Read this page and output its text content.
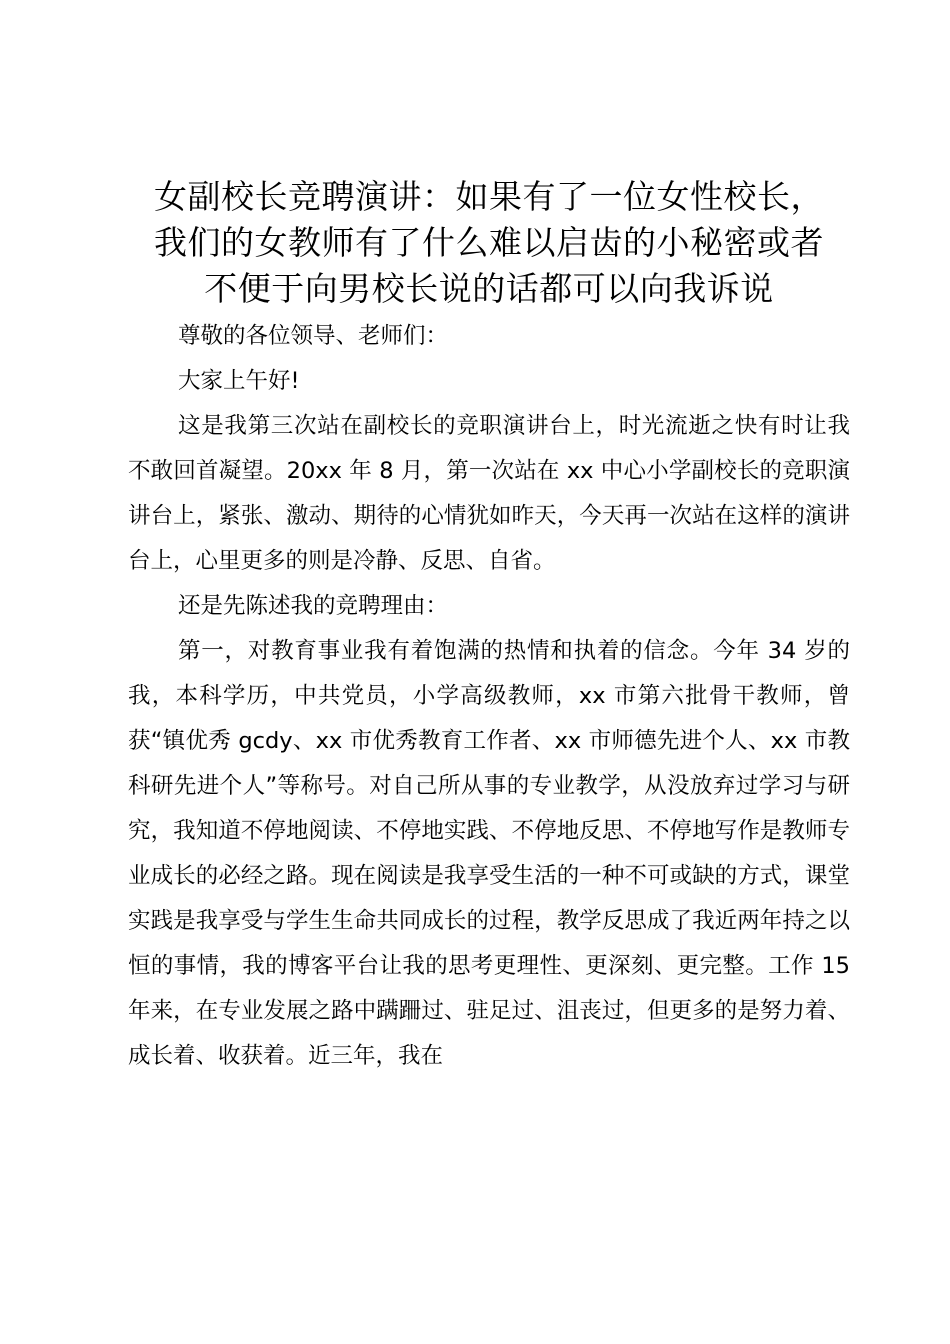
女副校长竞聘演讲：如果有了一位女性校长，
我们的女教师有了什么难以启齿的小秘密或者
不便于向男校长说的话都可以向我诉说

尊敬的各位领导、老师们：

大家上午好!

这是我第三次站在副校长的竞职演讲台上，时光流逝之快有时让我不敢回首凝望。20xx 年 8 月，第一次站在 xx 中心小学副校长的竞职演讲台上，紧张、激动、期待的心情犹如昨天，今天再一次站在这样的演讲台上，心里更多的则是冷静、反思、自省。

还是先陈述我的竞聘理由：

第一，对教育事业我有着饱满的热情和执着的信念。今年 34 岁的我，本科学历，中共党员，小学高级教师，xx 市第六批骨干教师，曾获“镇优秀 gcdy、xx 市优秀教育工作者、xx 市师德先进个人、xx 市教科研先进个人”等称号。对自己所从事的专业教学，从没放弃过学习与研究，我知道不停地阅读、不停地实践、不停地反思、不停地写作是教师专业成长的必经之路。现在阅读是我享受生活的一种不可或缺的方式，课堂实践是我享受与学生生命共同成长的过程，教学反思成了我近两年持之以恒的事情，我的博客平台让我的思考更理性、更深刻、更完整。工作 15 年来，在专业发展之路中蹒跚过、驻足过、沮丧过，但更多的是努力着、成长着、收获着。近三年，我在
